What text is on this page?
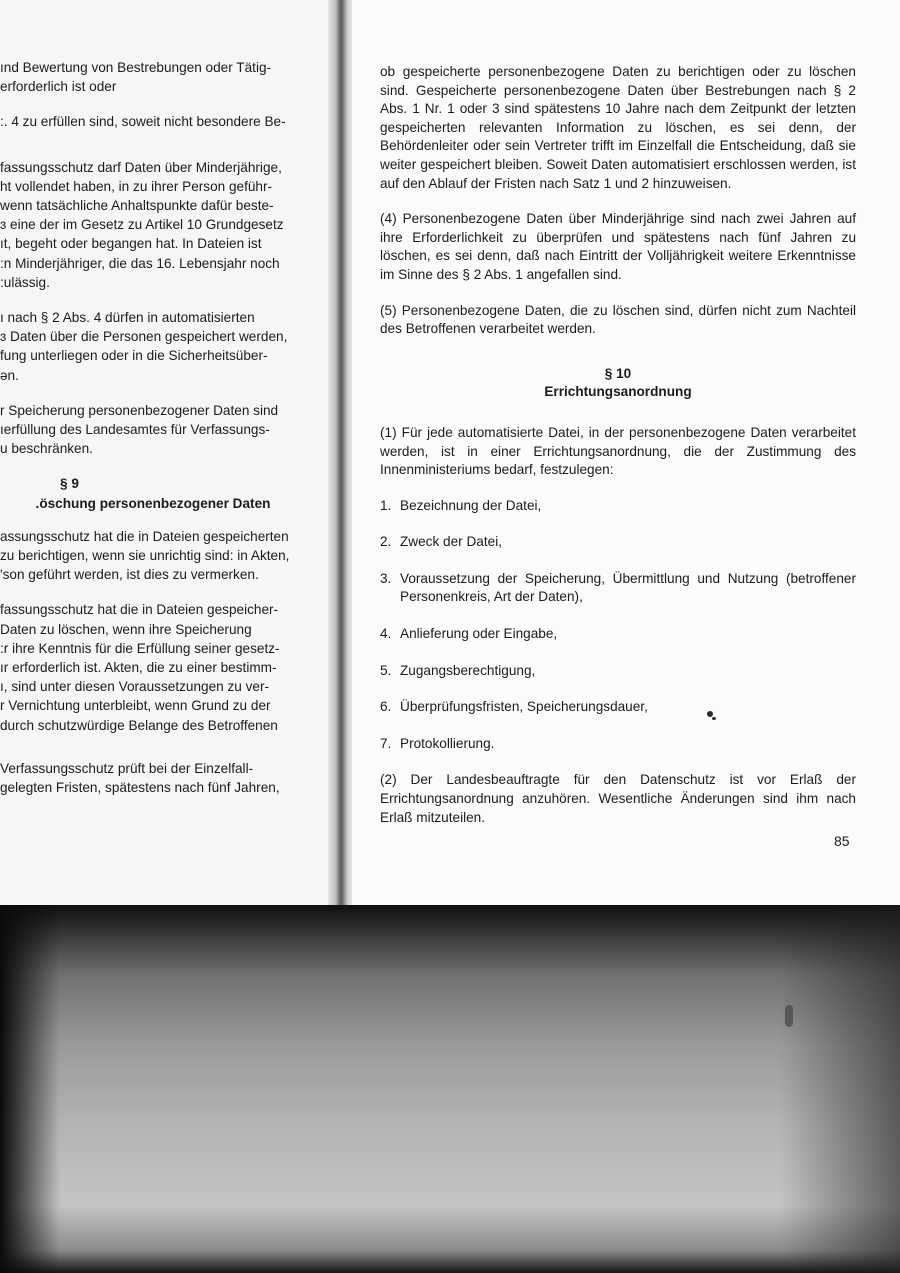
ınd Bewertung von Bestrebungen oder Tätig-
erforderlich ist oder

:. 4 zu erfüllen sind, soweit nicht besondere Be-

fassungsschutz darf Daten über Minderjährige,
ht vollendet haben, in zu ihrer Person geführ-
wenn tatsächliche Anhaltspunkte dafür beste-
ɜ eine der im Gesetz zu Artikel 10 Grundgesetz
ıt, begeht oder begangen hat. In Dateien ist
:n Minderjähriger, die das 16. Lebensjahr noch
:ulässig.

ı nach § 2 Abs. 4 dürfen in automatisierten
ɜ Daten über die Personen gespeichert werden,
fung unterliegen oder in die Sicherheitsüber-
ən.

r Speicherung personenbezogener Daten sind
ıerfüllung des Landesamtes für Verfassungs-
u beschränken.

§ 9
.öschung personenbezogener Daten

assungsschutz hat die in Dateien gespeicherten
zu berichtigen, wenn sie unrichtig sind: in Akten,
'son geführt werden, ist dies zu vermerken.

fassungsschutz hat die in Dateien gespeicher-
Daten zu löschen, wenn ihre Speicherung
:r ihre Kenntnis für die Erfüllung seiner gesetz-
ır erforderlich ist. Akten, die zu einer bestimm-
ı, sind unter diesen Voraussetzungen zu ver-
r Vernichtung unterbleibt, wenn Grund zu der
durch schutzwürdige Belange des Betroffenen

Verfassungsschutz prüft bei der Einzelfall-
gelegten Fristen, spätestens nach fünf Jahren,

ob gespeicherte personenbezogene Daten zu berichtigen oder zu löschen sind. Gespeicherte personenbezogene Daten über Bestrebungen nach § 2 Abs. 1 Nr. 1 oder 3 sind spätestens 10 Jahre nach dem Zeitpunkt der letzten gespeicherten relevanten Information zu löschen, es sei denn, der Behördenleiter oder sein Vertreter trifft im Einzelfall die Entscheidung, daß sie weiter gespeichert bleiben. Soweit Daten automatisiert erschlossen werden, ist auf den Ablauf der Fristen nach Satz 1 und 2 hinzuweisen.

(4) Personenbezogene Daten über Minderjährige sind nach zwei Jahren auf ihre Erforderlichkeit zu überprüfen und spätestens nach fünf Jahren zu löschen, es sei denn, daß nach Eintritt der Volljährigkeit weitere Erkenntnisse im Sinne des § 2 Abs. 1 angefallen sind.

(5) Personenbezogene Daten, die zu löschen sind, dürfen nicht zum Nachteil des Betroffenen verarbeitet werden.

§ 10
Errichtungsanordnung

(1) Für jede automatisierte Datei, in der personenbezogene Daten verarbeitet werden, ist in einer Errichtungsanordnung, die der Zustimmung des Innenministeriums bedarf, festzulegen:

1. Bezeichnung der Datei,
2. Zweck der Datei,
3. Voraussetzung der Speicherung, Übermittlung und Nutzung (betroffener Personenkreis, Art der Daten),
4. Anlieferung oder Eingabe,
5. Zugangsberechtigung,
6. Überprüfungsfristen, Speicherungsdauer,
7. Protokollierung.

(2) Der Landesbeauftragte für den Datenschutz ist vor Erlaß der Errichtungsanordnung anzuhören. Wesentliche Änderungen sind ihm nach Erlaß mitzuteilen.

85
